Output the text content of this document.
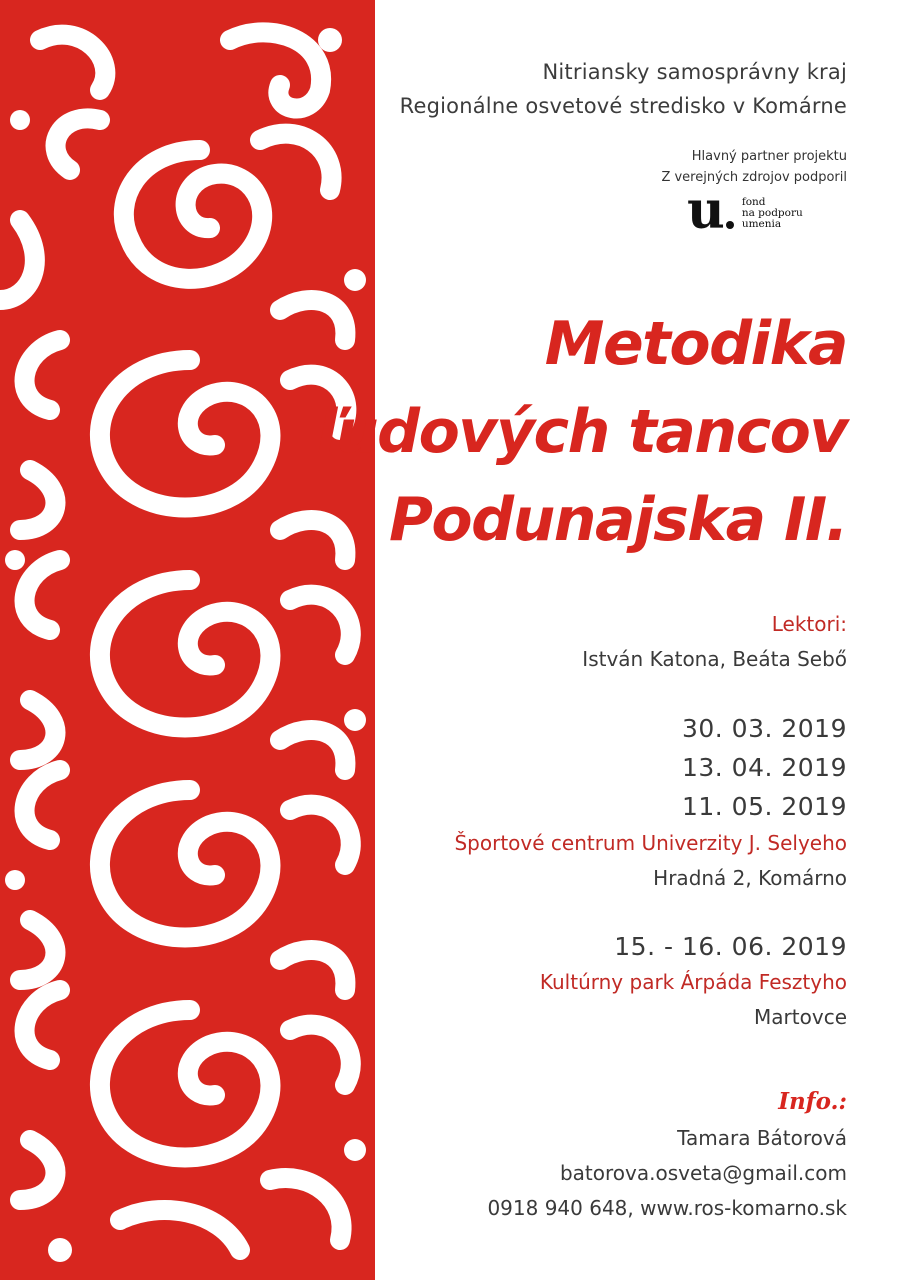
Nitriansky samosprávny kraj
Regionálne osvetové stredisko v Komárne
Hlavný partner projektu
Z verejných zdrojov podporil
u fond
na podporu
umenia
Metodika
ľudových tancov
Podunajska II.
Lektori:
István Katona, Beáta Sebő
30. 03. 2019
13. 04. 2019
11. 05. 2019
Športové centrum Univerzity J. Selyeho
Hradná 2, Komárno
15. - 16. 06. 2019
Kultúrny park Árpáda Fesztyho
Martovce
Info.:
Tamara Bátorová
batorova.osveta@gmail.com
0918 940 648, www.ros-komarno.sk
